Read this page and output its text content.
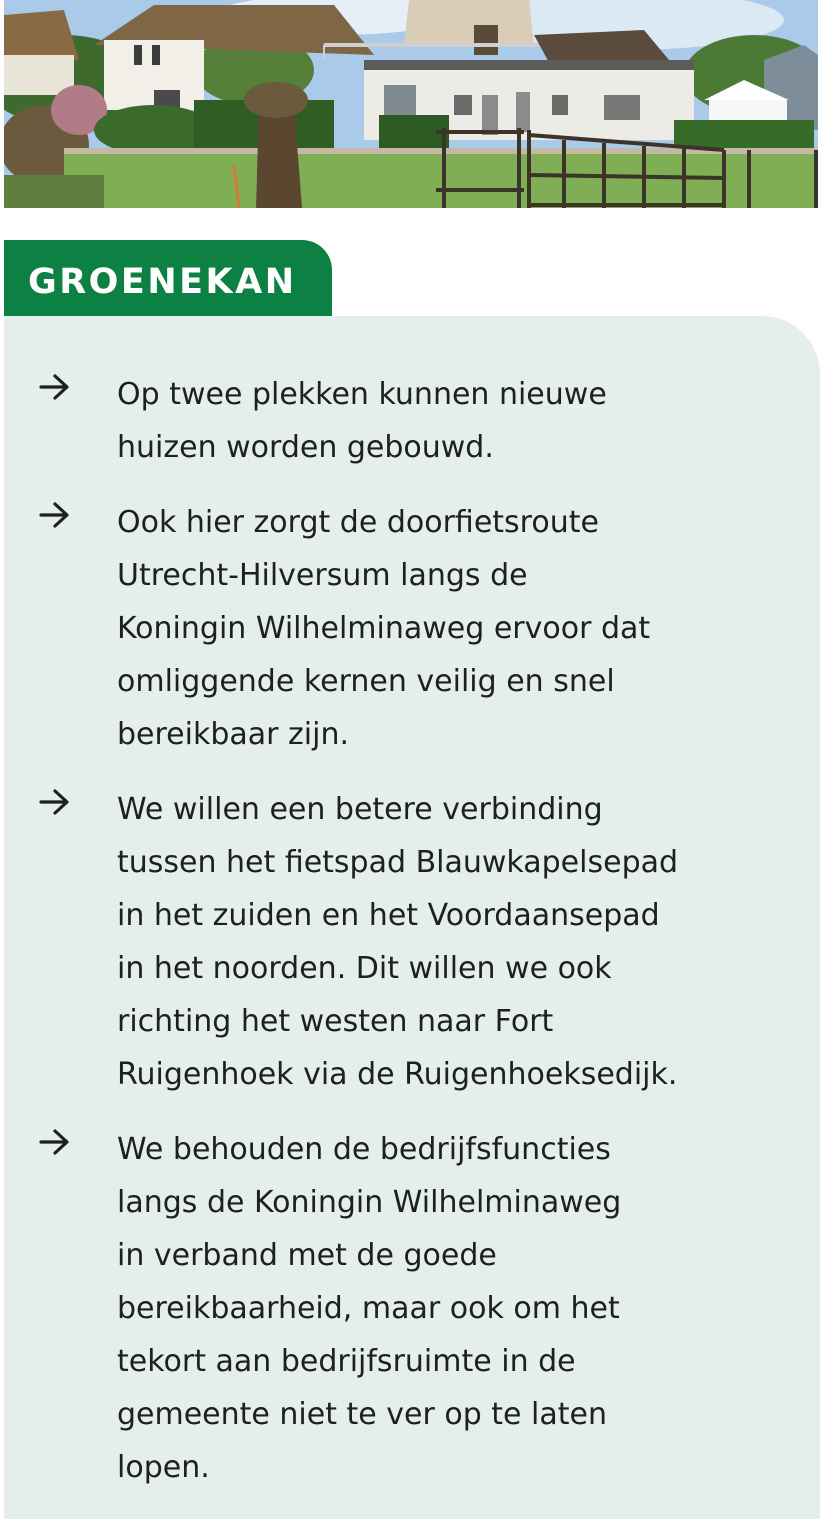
GROENEKAN

Op twee plekken kunnen nieuwe
huizen worden gebouwd.

Ook hier zorgt de doorfietsroute
Utrecht-Hilversum langs de
Koningin Wilhelminaweg ervoor dat
omliggende kernen veilig en snel
bereikbaar zijn.

We willen een betere verbinding
tussen het fietspad Blauwkapelsepad
in het zuiden en het Voordaansepad
in het noorden. Dit willen we ook
richting het westen naar Fort
Ruigenhoek via de Ruigenhoeksedijk.

We behouden de bedrijfsfuncties
langs de Koningin Wilhelminaweg
in verband met de goede
bereikbaarheid, maar ook om het
tekort aan bedrijfsruimte in de
gemeente niet te ver op te laten
lopen.
